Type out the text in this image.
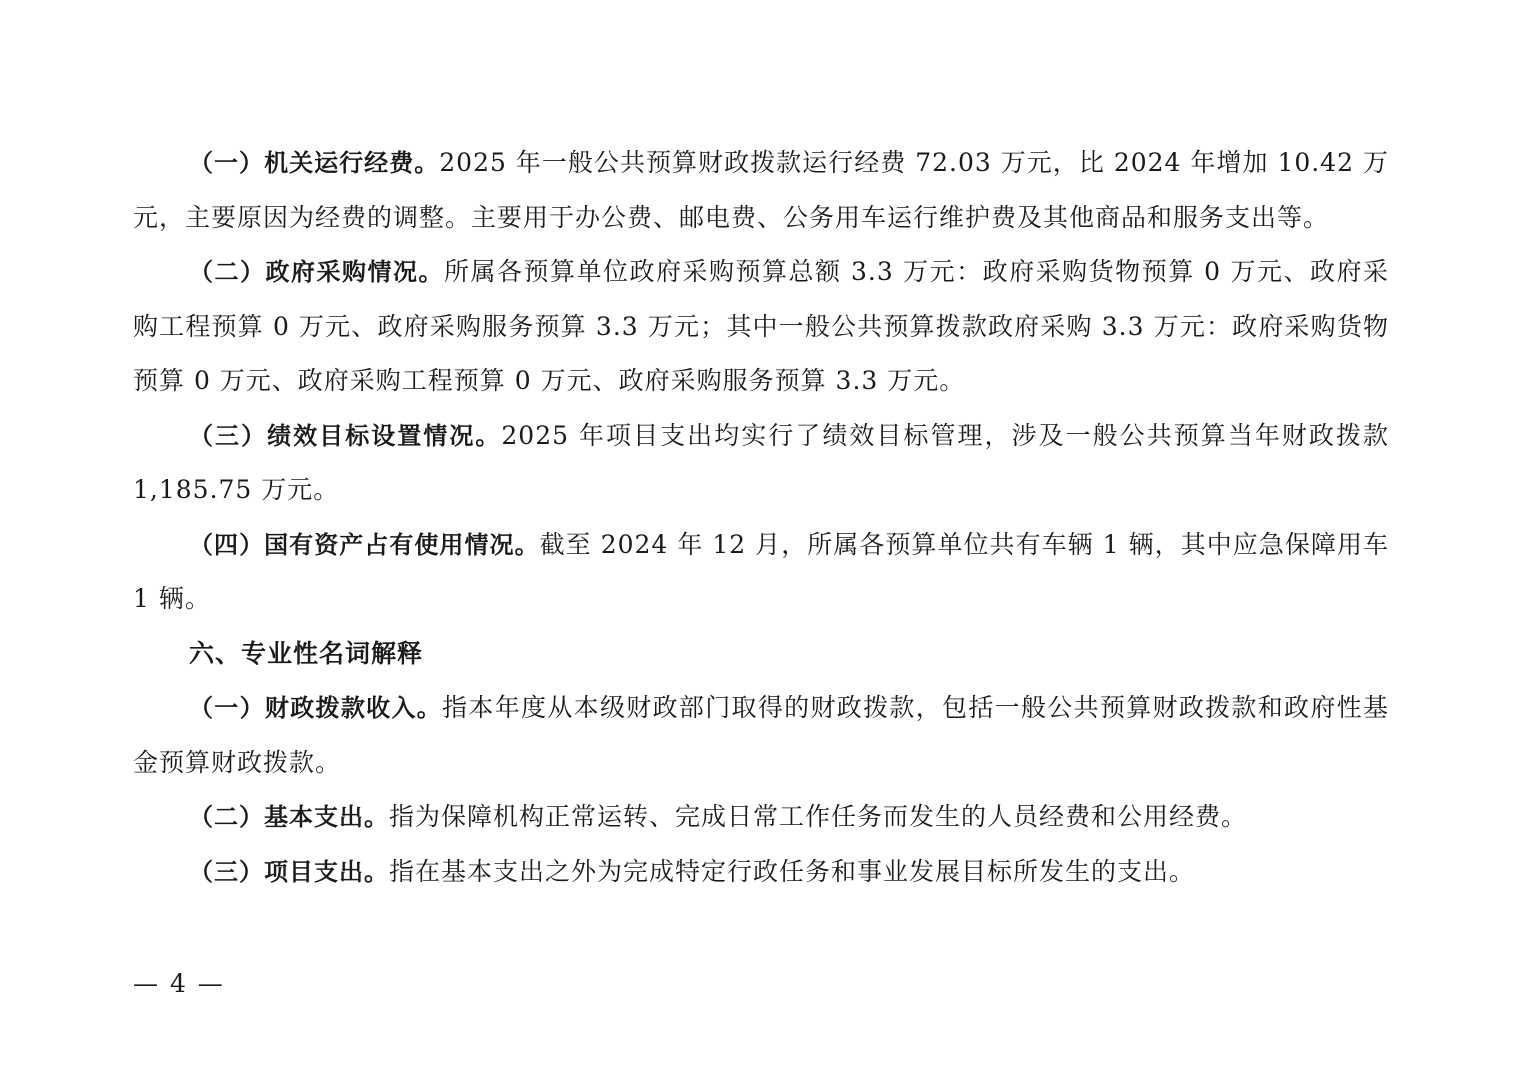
（一）机关运行经费。2025 年一般公共预算财政拨款运行经费 72.03 万元，比 2024 年增加 10.42 万元，主要原因为经费的调整。主要用于办公费、邮电费、公务用车运行维护费及其他商品和服务支出等。

（二）政府采购情况。所属各预算单位政府采购预算总额 3.3 万元：政府采购货物预算 0 万元、政府采购工程预算 0 万元、政府采购服务预算 3.3 万元；其中一般公共预算拨款政府采购 3.3 万元：政府采购货物预算 0 万元、政府采购工程预算 0 万元、政府采购服务预算 3.3 万元。

（三）绩效目标设置情况。2025 年项目支出均实行了绩效目标管理，涉及一般公共预算当年财政拨款 1,185.75 万元。

（四）国有资产占有使用情况。截至 2024 年 12 月，所属各预算单位共有车辆 1 辆，其中应急保障用车 1 辆。

六、专业性名词解释

（一）财政拨款收入。指本年度从本级财政部门取得的财政拨款，包括一般公共预算财政拨款和政府性基金预算财政拨款。

（二）基本支出。指为保障机构正常运转、完成日常工作任务而发生的人员经费和公用经费。

（三）项目支出。指在基本支出之外为完成特定行政任务和事业发展目标所发生的支出。

— 4 —
